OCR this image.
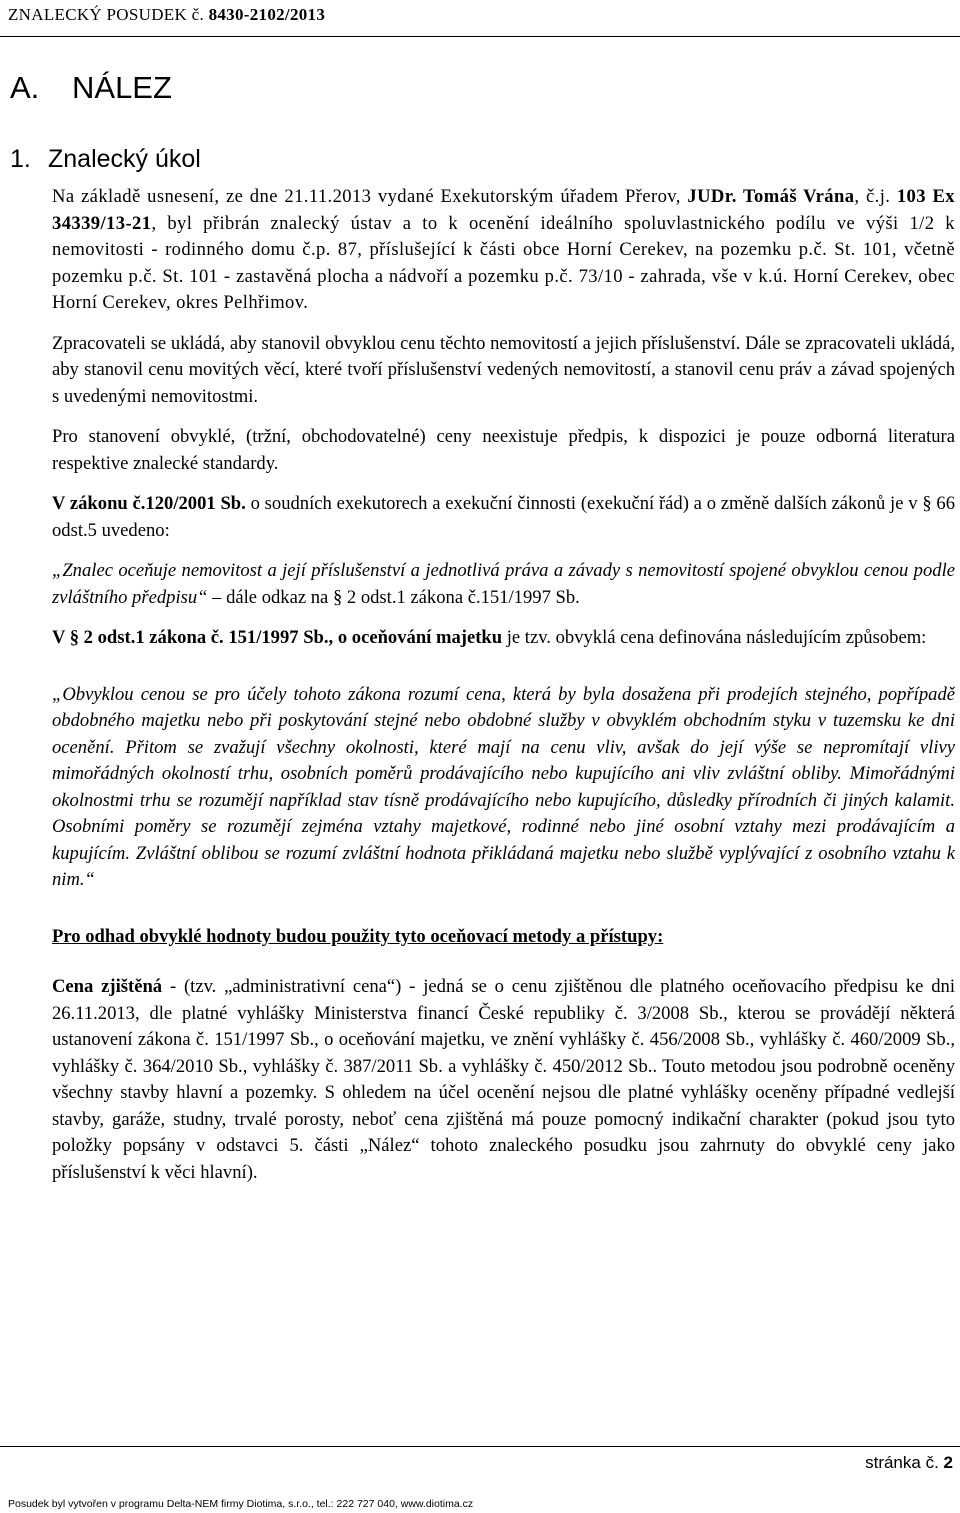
ZNALECKÝ POSUDEK č. 8430-2102/2013
A. NÁLEZ
1. Znalecký úkol

Na základě usnesení, ze dne 21.11.2013 vydané Exekutorským úřadem Přerov, JUDr. Tomáš Vrána, č.j. 103 Ex 34339/13-21, byl přibrán znalecký ústav a to k ocenění ideálního spoluvlastnického podílu ve výši 1/2 k nemovitosti - rodinného domu č.p. 87, příslušející k části obce Horní Cerekev, na pozemku p.č. St. 101, včetně pozemku p.č. St. 101 - zastavěná plocha a nádvoří a pozemku p.č. 73/10 - zahrada, vše v k.ú. Horní Cerekev, obec Horní Cerekev, okres Pelhřimov.

Zpracovateli se ukládá, aby stanovil obvyklou cenu těchto nemovitostí a jejich příslušenství. Dále se zpracovateli ukládá, aby stanovil cenu movitých věcí, které tvoří příslušenství vedených nemovitostí, a stanovil cenu práv a závad spojených s uvedenými nemovitostmi.

Pro stanovení obvyklé, (tržní, obchodovatelné) ceny neexistuje předpis, k dispozici je pouze odborná literatura respektive znalecké standardy.

V zákonu č.120/2001 Sb. o soudních exekutorech a exekuční činnosti (exekuční řád) a o změně dalších zákonů je v § 66 odst.5 uvedeno:

„Znalec oceňuje nemovitost a její příslušenství a jednotlivá práva a závady s nemovitostí spojené obvyklou cenou podle zvláštního předpisu“ – dále odkaz na § 2 odst.1 zákona č.151/1997 Sb.

V § 2 odst.1 zákona č. 151/1997 Sb., o oceňování majetku je tzv. obvyklá cena definována následujícím způsobem:

„Obvyklou cenou se pro účely tohoto zákona rozumí cena, která by byla dosažena při prodejích stejného, popřípadě obdobného majetku nebo při poskytování stejné nebo obdobné služby v obvyklém obchodním styku v tuzemsku ke dni ocenění. Přitom se zvažují všechny okolnosti, které mají na cenu vliv, avšak do její výše se nepromítají vlivy mimořádných okolností trhu, osobních poměrů prodávajícího nebo kupujícího ani vliv zvláštní obliby. Mimořádnými okolnostmi trhu se rozumějí například stav tísně prodávajícího nebo kupujícího, důsledky přírodních či jiných kalamit. Osobními poměry se rozumějí zejména vztahy majetkové, rodinné nebo jiné osobní vztahy mezi prodávajícím a kupujícím. Zvláštní oblibou se rozumí zvláštní hodnota přikládaná majetku nebo službě vyplývající z osobního vztahu k nim.“

Pro odhad obvyklé hodnoty budou použity tyto oceňovací metody a přístupy:

Cena zjištěná - (tzv. „administrativní cena“) - jedná se o cenu zjištěnou dle platného oceňovacího předpisu ke dni 26.11.2013, dle platné vyhlášky Ministerstva financí České republiky č. 3/2008 Sb., kterou se provádějí některá ustanovení zákona č. 151/1997 Sb., o oceňování majetku, ve znění vyhlášky č. 456/2008 Sb., vyhlášky č. 460/2009 Sb., vyhlášky č. 364/2010 Sb., vyhlášky č. 387/2011 Sb. a vyhlášky č. 450/2012 Sb.. Touto metodou jsou podrobně oceněny všechny stavby hlavní a pozemky. S ohledem na účel ocenění nejsou dle platné vyhlášky oceněny případné vedlejší stavby, garáže, studny, trvalé porosty, neboť cena zjištěná má pouze pomocný indikační charakter (pokud jsou tyto položky popsány v odstavci 5. části „Nález“ tohoto znaleckého posudku jsou zahrnuty do obvyklé ceny jako příslušenství k věci hlavní).

stránka č. 2
Posudek byl vytvořen v programu Delta-NEM firmy Diotima, s.r.o., tel.: 222 727 040, www.diotima.cz
